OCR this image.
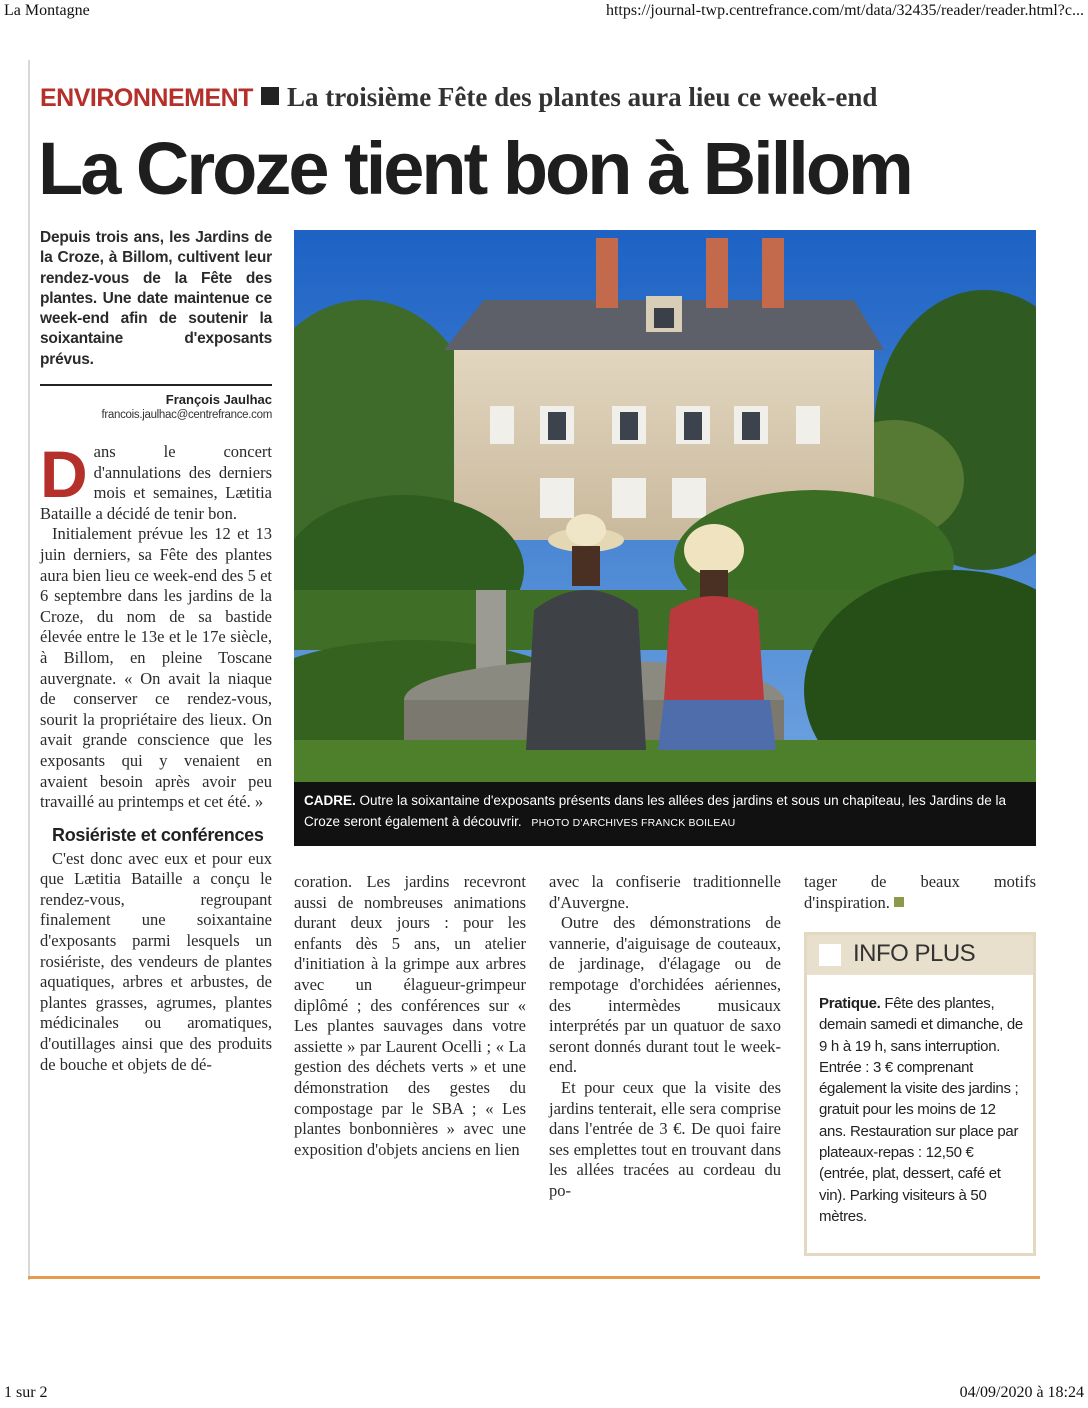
La Montagne	https://journal-twp.centrefrance.com/mt/data/32435/reader/reader.html?c...
ENVIRONNEMENT La troisième Fête des plantes aura lieu ce week-end
La Croze tient bon à Billom
Depuis trois ans, les Jardins de la Croze, à Billom, cultivent leur rendez-vous de la Fête des plantes. Une date maintenue ce week-end afin de soutenir la soixantaine d'exposants prévus.
François Jaulhac
francois.jaulhac@centrefrance.com

Dans le concert d'annulations des derniers mois et semaines, Lætitia Bataille a décidé de tenir bon.

Initialement prévue les 12 et 13 juin derniers, sa Fête des plantes aura bien lieu ce week-end des 5 et 6 septembre dans les jardins de la Croze, du nom de sa bastide élevée entre le 13e et le 17e siècle, à Billom, en pleine Toscane auvergnate. « On avait la niaque de conserver ce rendez-vous, sourit la propriétaire des lieux. On avait grande conscience que les exposants qui y venaient en avaient besoin après avoir peu travaillé au printemps et cet été. »

Rosiériste et conférences

C'est donc avec eux et pour eux que Lætitia Bataille a conçu le rendez-vous, regroupant finalement une soixantaine d'exposants parmi lesquels un rosiériste, des vendeurs de plantes aquatiques, arbres et arbustes, de plantes grasses, agrumes, plantes médicinales ou aromatiques, d'outillages ainsi que des produits de bouche et objets de dé-

CADRE. Outre la soixantaine d'exposants présents dans les allées des jardins et sous un chapiteau, les Jardins de la Croze seront également à découvrir. PHOTO D'ARCHIVES FRANCK BOILEAU

coration. Les jardins recevront aussi de nombreuses animations durant deux jours : pour les enfants dès 5 ans, un atelier d'initiation à la grimpe aux arbres avec un élagueur-grimpeur diplômé ; des conférences sur « Les plantes sauvages dans votre assiette » par Laurent Ocelli ; « La gestion des déchets verts » et une démonstration des gestes du compostage par le SBA ; « Les plantes bonbonnières » avec une exposition d'objets anciens en lien

avec la confiserie traditionnelle d'Auvergne.

Outre des démonstrations de vannerie, d'aiguisage de couteaux, de jardinage, d'élagage ou de rempotage d'orchidées aériennes, des intermèdes musicaux interprétés par un quatuor de saxo seront donnés durant tout le week-end.

Et pour ceux que la visite des jardins tenterait, elle sera comprise dans l'entrée de 3 €. De quoi faire ses emplettes tout en trouvant dans les allées tracées au cordeau du po-

tager de beaux motifs d'inspiration.

INFO PLUS
Pratique. Fête des plantes, demain samedi et dimanche, de 9 h à 19 h, sans interruption. Entrée : 3 € comprenant également la visite des jardins ; gratuit pour les moins de 12 ans. Restauration sur place par plateaux-repas : 12,50 € (entrée, plat, dessert, café et vin). Parking visiteurs à 50 mètres.
1 sur 2	04/09/2020 à 18:24
